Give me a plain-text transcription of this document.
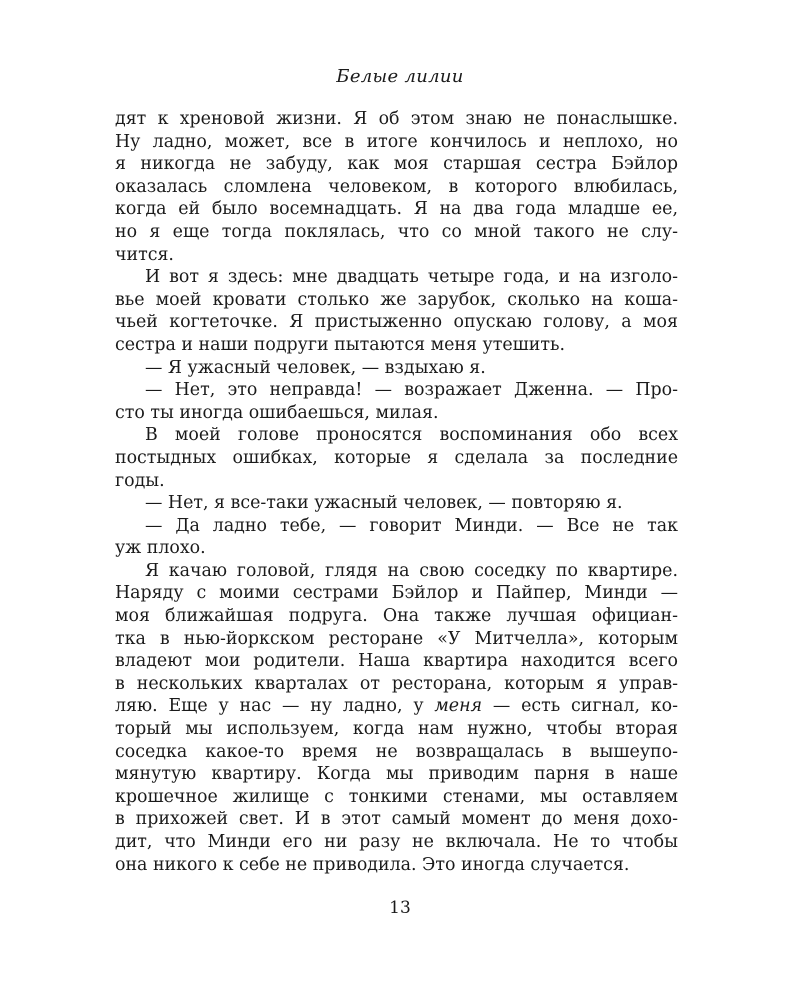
Белые лилии
дят к хреновой жизни. Я об этом знаю не понаслышке.
Ну ладно, может, все в итоге кончилось и неплохо, но
я никогда не забуду, как моя старшая сестра Бэйлор
оказалась сломлена человеком, в которого влюбилась,
когда ей было восемнадцать. Я на два года младше ее,
но я еще тогда поклялась, что со мной такого не слу-
чится.
И вот я здесь: мне двадцать четыре года, и на изголо-
вье моей кровати столько же зарубок, сколько на коша-
чьей когтеточке. Я пристыженно опускаю голову, а моя
сестра и наши подруги пытаются меня утешить.
— Я ужасный человек, — вздыхаю я.
— Нет, это неправда! — возражает Дженна. — Про-
сто ты иногда ошибаешься, милая.
В моей голове проносятся воспоминания обо всех
постыдных ошибках, которые я сделала за последние
годы.
— Нет, я все-таки ужасный человек, — повторяю я.
— Да ладно тебе, — говорит Минди. — Все не так
уж плохо.
Я качаю головой, глядя на свою соседку по квартире.
Наряду с моими сестрами Бэйлор и Пайпер, Минди —
моя ближайшая подруга. Она также лучшая официан-
тка в нью-йоркском ресторане «У Митчелла», которым
владеют мои родители. Наша квартира находится всего
в нескольких кварталах от ресторана, которым я управ-
ляю. Еще у нас — ну ладно, у меня — есть сигнал, ко-
торый мы используем, когда нам нужно, чтобы вторая
соседка какое-то время не возвращалась в вышеупо-
мянутую квартиру. Когда мы приводим парня в наше
крошечное жилище с тонкими стенами, мы оставляем
в прихожей свет. И в этот самый момент до меня дохо-
дит, что Минди его ни разу не включала. Не то чтобы
она никого к себе не приводила. Это иногда случается.
13
